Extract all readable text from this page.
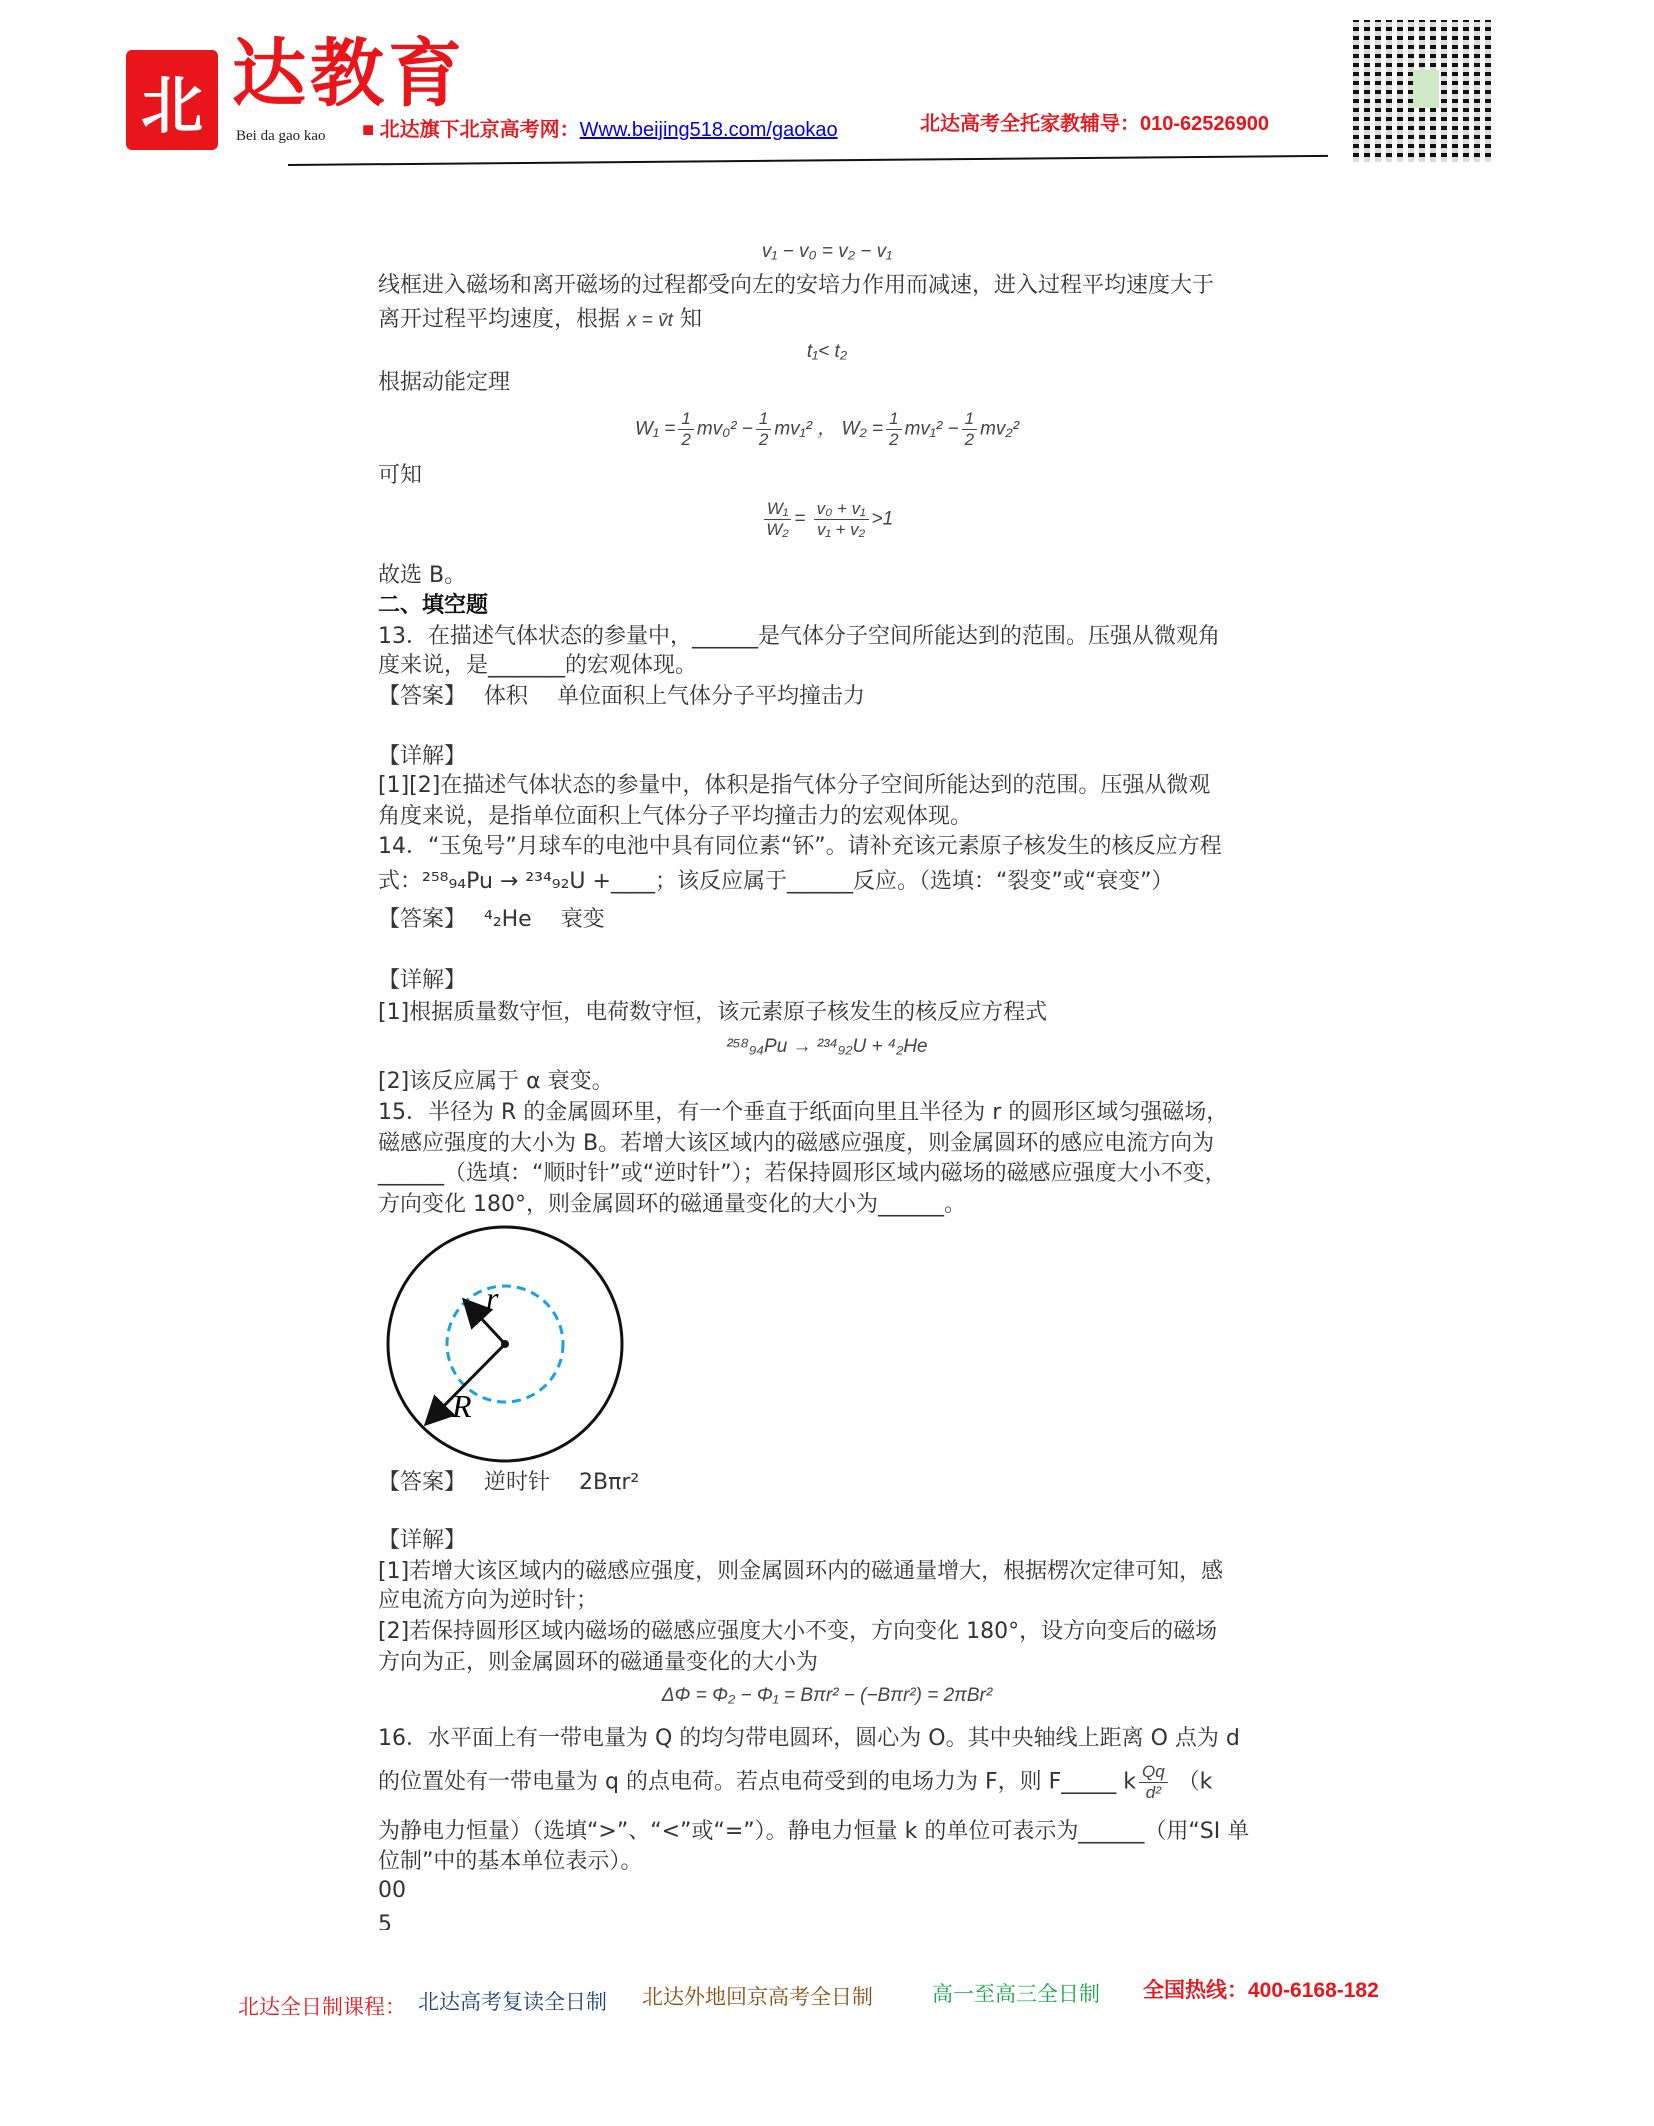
北 达教育
Bei da gao kao ■ 北达旗下北京高考网：Www.beijing518.com/gaokao	北达高考全托家教辅导：010-62526900
v₁ − v₀ = v₂ − v₁
线框进入磁场和离开磁场的过程都受向左的安培力作用而减速，进入过程平均速度大于
离开过程平均速度，根据 x = v̄t 知
t₁< t₂
根据动能定理
$W_1 = \frac{1}{2} mv_0^2 - \frac{1}{2} mv_1^2$ ， $W_2 = \frac{1}{2} mv_1^2 - \frac{1}{2} mv_2^2$
可知
$\frac{\text{W₁}}{\text{W₂}} = \frac{\text{v₀ + v₁}}{\text{v₁ + v₂}} >1$
故选 B。
二、填空题
13．在描述气体状态的参量中，______是气体分子空间所能达到的范围。压强从微观角
度来说，是_______的宏观体现。
【答案】　 体积　 单位面积上气体分子平均撞击力
【详解】
[1][2]在描述气体状态的参量中，体积是指气体分子空间所能达到的范围。压强从微观
角度来说，是指单位面积上气体分子平均撞击力的宏观体现。
14．“玉兔号”月球车的电池中具有同位素“钚”。请补充该元素原子核发生的核反应方程
式：²⁵⁸₉₄Pu → ²³⁴₉₂U +____；该反应属于______反应。（选填：“裂变”或“衰变”）
【答案】　 ⁴₂He　 衰变
【详解】
[1]根据质量数守恒，电荷数守恒，该元素原子核发生的核反应方程式
²⁵⁸₉₄Pu → ²³⁴₉₂U + ⁴₂He
[2]该反应属于 α 衰变。
15．半径为 R 的金属圆环里，有一个垂直于纸面向里且半径为 r 的圆形区域匀强磁场，
磁感应强度的大小为 B。若增大该区域内的磁感应强度，则金属圆环的感应电流方向为
______（选填：“顺时针”或“逆时针”）；若保持圆形区域内磁场的磁感应强度大小不变，
方向变化 180°，则金属圆环的磁通量变化的大小为______。
r
R
【答案】　 逆时针　 2Bπr²
【详解】
[1]若增大该区域内的磁感应强度，则金属圆环内的磁通量增大，根据楞次定律可知，感
应电流方向为逆时针；
[2]若保持圆形区域内磁场的磁感应强度大小不变，方向变化 180°，设方向变后的磁场
方向为正，则金属圆环的磁通量变化的大小为
ΔΦ = Φ₂ − Φ₁ = Bπr² − (−Bπr²) = 2πBr²
16．水平面上有一带电量为 Q 的均匀带电圆环，圆心为 O。其中央轴线上距离 O 点为 d
的位置处有一带电量为 q 的点电荷。若点电荷受到的电场力为 F，则 F_____ k $\frac{Qq}{\text{d²}} (k$
为静电力恒量）（选填“>”、“<”或“=”）。静电力恒量 k 的单位可表示为______（用“SI 单
位制”中的基本单位表示）。
00
5
北达全日制课程： 北达高考复读全日制 北达外地回京高考全日制	高一至高三全日制 全国热线：400-6168-182
